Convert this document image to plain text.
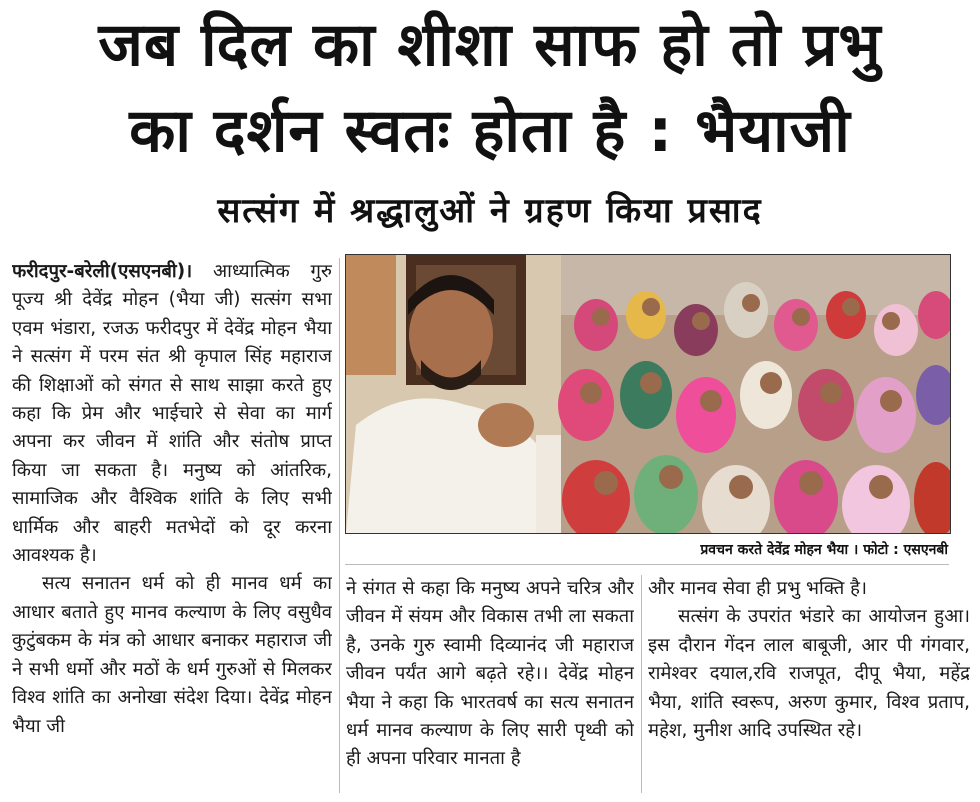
जब दिल का शीशा साफ हो तो प्रभु
का दर्शन स्वतः होता है : भैयाजी
सत्संग में श्रद्धालुओं ने ग्रहण किया प्रसाद

फरीदपुर-बरेली(एसएनबी)। आध्यात्मिक गुरु पूज्य श्री देवेंद्र मोहन (भैया जी) सत्संग सभा एवम भंडारा, रजऊ फरीदपुर में देवेंद्र मोहन भैया ने सत्संग में परम संत श्री कृपाल सिंह महाराज की शिक्षाओं को संगत से साथ साझा करते हुए कहा कि प्रेम और भाईचारे से सेवा का मार्ग अपना कर जीवन में शांति और संतोष प्राप्त किया जा सकता है। मनुष्य को आंतरिक, सामाजिक और वैश्विक शांति के लिए सभी धार्मिक और बाहरी मतभेदों को दूर करना आवश्यक है।

सत्य सनातन धर्म को ही मानव धर्म का आधार बताते हुए मानव कल्याण के लिए वसुधैव कुटुंबकम के मंत्र को आधार बनाकर महाराज जी ने सभी धर्मो और मठों के धर्म गुरुओं से मिलकर विश्व शांति का अनोखा संदेश दिया। देवेंद्र मोहन भैया जी

प्रवचन करते देवेंद्र मोहन भैया । फोटो : एसएनबी

ने संगत से कहा कि मनुष्य अपने चरित्र और जीवन में संयम और विकास तभी ला सकता है, उनके गुरु स्वामी दिव्यानंद जी महाराज जीवन पर्यंत आगे बढ़ते रहे।। देवेंद्र मोहन भैया ने कहा कि भारतवर्ष का सत्य सनातन धर्म मानव कल्याण के लिए सारी पृथ्वी को ही अपना परिवार मानता है

और मानव सेवा ही प्रभु भक्ति है।

सत्संग के उपरांत भंडारे का आयोजन हुआ। इस दौरान गेंदन लाल बाबूजी, आर पी गंगवार, रामेश्वर दयाल,रवि राजपूत, दीपू भैया, महेंद्र भैया, शांति स्वरूप, अरुण कुमार, विश्व प्रताप, महेश, मुनीश आदि उपस्थित रहे।
